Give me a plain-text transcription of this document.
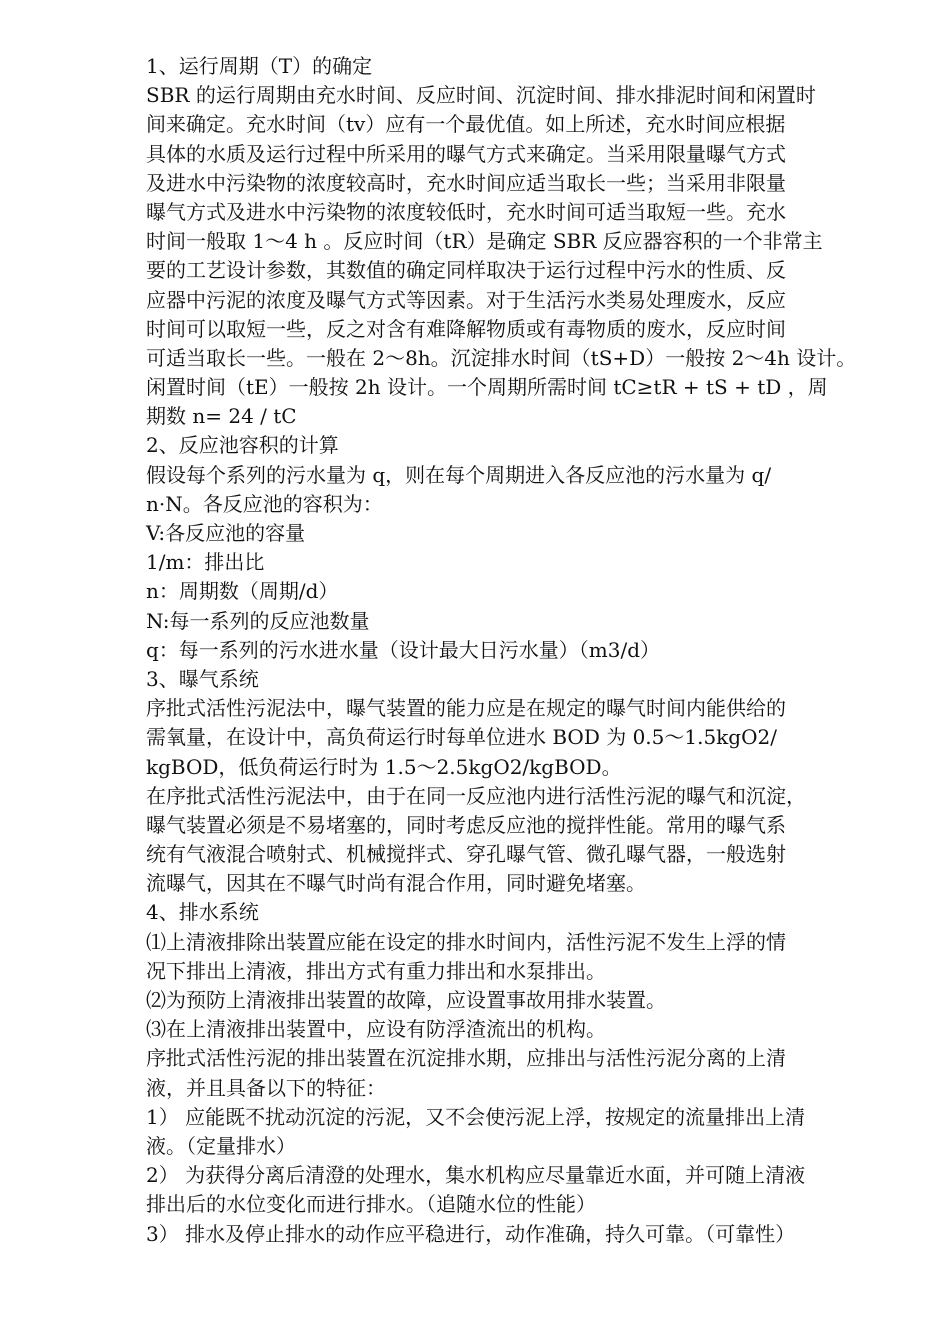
1、运行周期（T）的确定
SBR 的运行周期由充水时间、反应时间、沉淀时间、排水排泥时间和闲置时
间来确定。充水时间（tv）应有一个最优值。如上所述，充水时间应根据
具体的水质及运行过程中所采用的曝气方式来确定。当采用限量曝气方式
及进水中污染物的浓度较高时，充水时间应适当取长一些；当采用非限量
曝气方式及进水中污染物的浓度较低时，充水时间可适当取短一些。充水
时间一般取 1～4 h 。反应时间（tR）是确定 SBR 反应器容积的一个非常主
要的工艺设计参数，其数值的确定同样取决于运行过程中污水的性质、反
应器中污泥的浓度及曝气方式等因素。对于生活污水类易处理废水，反应
时间可以取短一些，反之对含有难降解物质或有毒物质的废水，反应时间
可适当取长一些。一般在 2～8h。沉淀排水时间（tS+D）一般按 2～4h 设计。
闲置时间（tE）一般按 2h 设计。一个周期所需时间 tC≥tR + tS + tD ，周
期数 n= 24 / tC
2、反应池容积的计算
假设每个系列的污水量为 q，则在每个周期进入各反应池的污水量为 q/
n·N。各反应池的容积为：
V:各反应池的容量
1/m：排出比
n：周期数（周期/d）
N:每一系列的反应池数量
q：每一系列的污水进水量（设计最大日污水量）（m3/d）
3、曝气系统
序批式活性污泥法中，曝气装置的能力应是在规定的曝气时间内能供给的
需氧量，在设计中，高负荷运行时每单位进水 BOD 为 0.5～1.5kgO2/
kgBOD，低负荷运行时为 1.5～2.5kgO2/kgBOD。
在序批式活性污泥法中，由于在同一反应池内进行活性污泥的曝气和沉淀，
曝气装置必须是不易堵塞的，同时考虑反应池的搅拌性能。常用的曝气系
统有气液混合喷射式、机械搅拌式、穿孔曝气管、微孔曝气器，一般选射
流曝气，因其在不曝气时尚有混合作用，同时避免堵塞。
4、排水系统
⑴上清液排除出装置应能在设定的排水时间内，活性污泥不发生上浮的情
况下排出上清液，排出方式有重力排出和水泵排出。
⑵为预防上清液排出装置的故障，应设置事故用排水装置。
⑶在上清液排出装置中，应设有防浮渣流出的机构。
序批式活性污泥的排出装置在沉淀排水期，应排出与活性污泥分离的上清
液，并且具备以下的特征：
1） 应能既不扰动沉淀的污泥，又不会使污泥上浮，按规定的流量排出上清
液。（定量排水）
2） 为获得分离后清澄的处理水，集水机构应尽量靠近水面，并可随上清液
排出后的水位变化而进行排水。（追随水位的性能）
3） 排水及停止排水的动作应平稳进行，动作准确，持久可靠。（可靠性）
